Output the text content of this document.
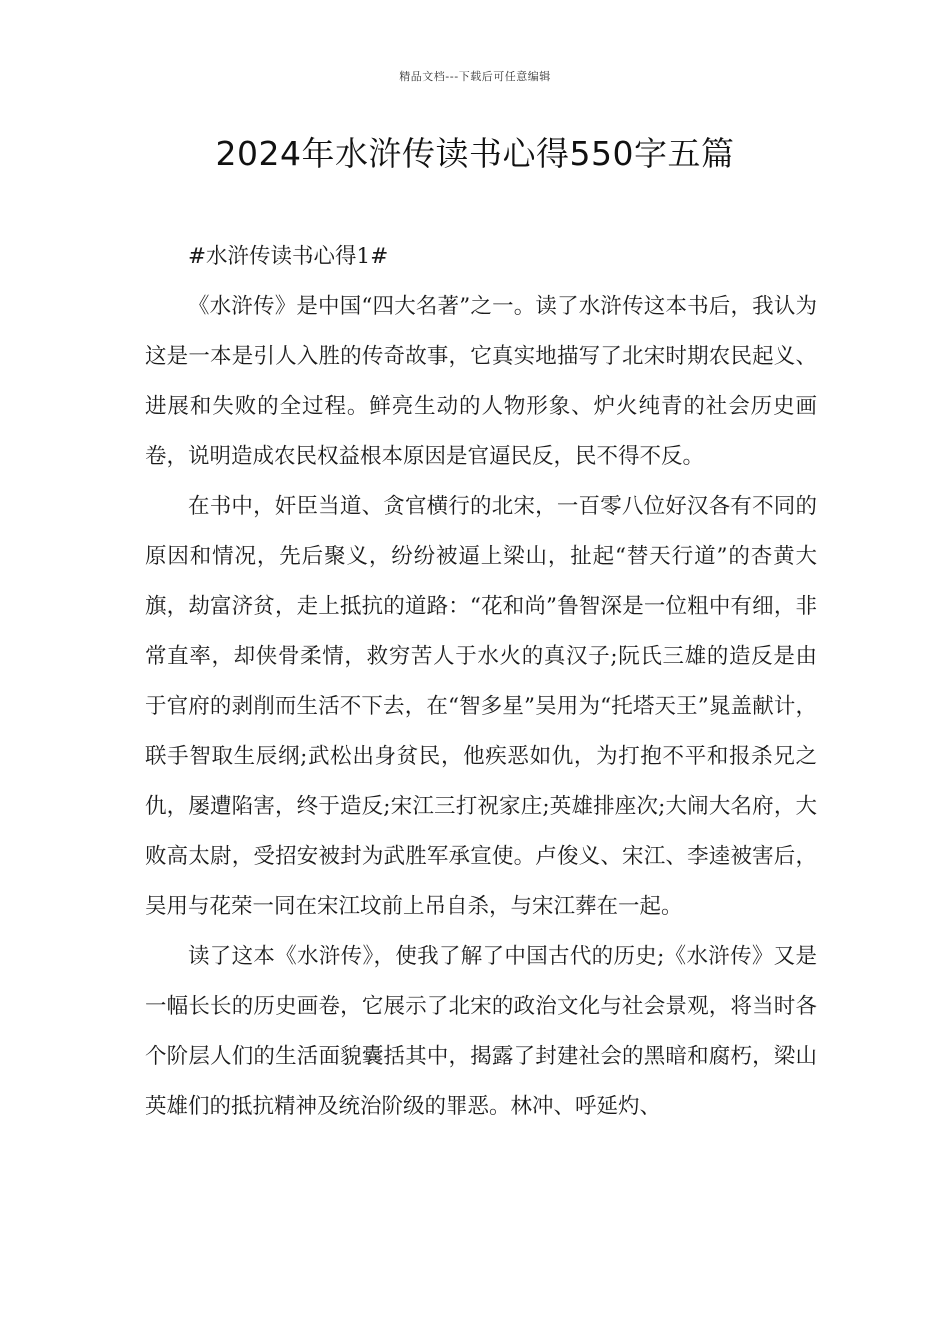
精品文档---下载后可任意编辑
2024年水浒传读书心得550字五篇

#水浒传读书心得1#

《水浒传》是中国“四大名著”之一。读了水浒传这本书后，我认为这是一本是引人入胜的传奇故事，它真实地描写了北宋时期农民起义、进展和失败的全过程。鲜亮生动的人物形象、炉火纯青的社会历史画卷，说明造成农民权益根本原因是官逼民反，民不得不反。

在书中，奸臣当道、贪官横行的北宋，一百零八位好汉各有不同的原因和情况，先后聚义，纷纷被逼上梁山，扯起“替天行道”的杏黄大旗，劫富济贫，走上抵抗的道路：“花和尚”鲁智深是一位粗中有细，非常直率，却侠骨柔情，救穷苦人于水火的真汉子;阮氏三雄的造反是由于官府的剥削而生活不下去，在“智多星”吴用为“托塔天王”晁盖献计，联手智取生辰纲;武松出身贫民，他疾恶如仇，为打抱不平和报杀兄之仇，屡遭陷害，终于造反;宋江三打祝家庄;英雄排座次;大闹大名府，大败高太尉，受招安被封为武胜军承宣使。卢俊义、宋江、李逵被害后，吴用与花荣一同在宋江坟前上吊自杀，与宋江葬在一起。

读了这本《水浒传》，使我了解了中国古代的历史;《水浒传》又是一幅长长的历史画卷，它展示了北宋的政治文化与社会景观，将当时各个阶层人们的生活面貌囊括其中，揭露了封建社会的黑暗和腐朽，梁山英雄们的抵抗精神及统治阶级的罪恶。林冲、呼延灼、
